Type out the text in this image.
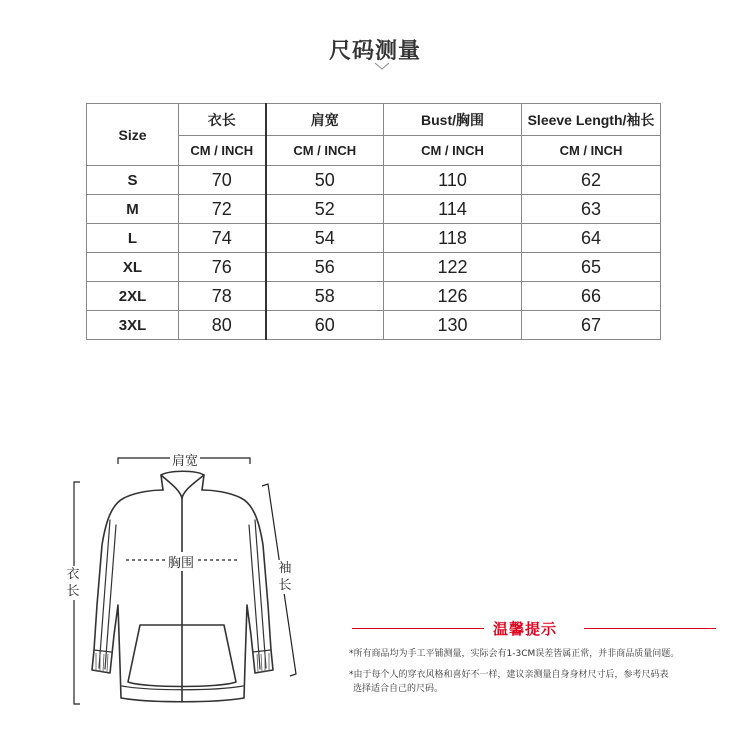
尺码测量
Size	衣长	肩宽	Bust/胸围	Sleeve Length/袖长
	CM / INCH	CM / INCH	CM / INCH	CM / INCH
S	70	50	110	62
M	72	52	114	63
L	74	54	118	64
XL	76	56	122	65
2XL	78	58	126	66
3XL	80	60	130	67
肩宽
胸围
衣长
袖长
温馨提示
*所有商品均为手工平铺测量，实际会有1-3CM误差皆属正常，并非商品质量问题。
*由于每个人的穿衣风格和喜好不一样，建议亲测量自身身材尺寸后，参考尺码表
选择适合自己的尺码。
